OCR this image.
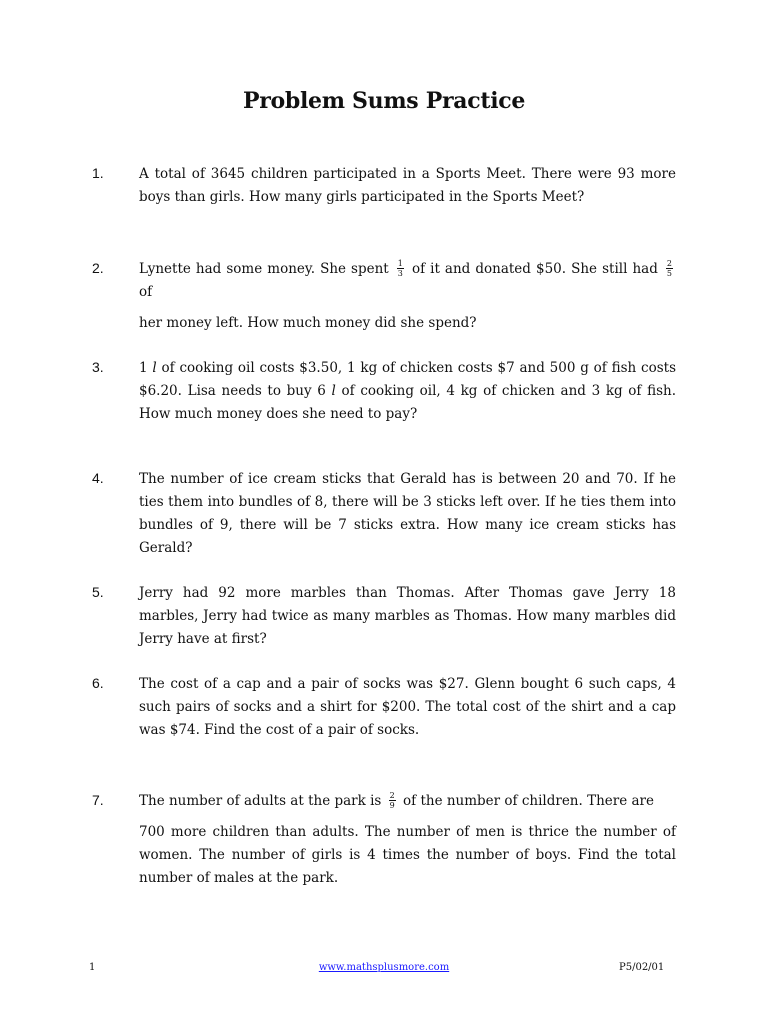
Problem Sums Practice
1.	A total of 3645 children participated in a Sports Meet. There were 93 more boys than girls. How many girls participated in the Sports Meet?
2.	Lynette had some money. She spent $\frac{1}{3}$ of it and donated $50. She still had $\frac{2}{5}$
of
her money left. How much money did she spend?
3.	1 l of cooking oil costs $3.50, 1 kg of chicken costs $7 and 500 g of fish costs $6.20. Lisa needs to buy 6 l of cooking oil, 4 kg of chicken and 3 kg of fish. How much money does she need to pay?
4.	The number of ice cream sticks that Gerald has is between 20 and 70. If he ties them into bundles of 8, there will be 3 sticks left over. If he ties them into bundles of 9, there will be 7 sticks extra. How many ice cream sticks has Gerald?
5.	Jerry had 92 more marbles than Thomas. After Thomas gave Jerry 18 marbles, Jerry had twice as many marbles as Thomas. How many marbles did Jerry have at first?
6.	The cost of a cap and a pair of socks was $27. Glenn bought 6 such caps, 4 such pairs of socks and a shirt for $200. The total cost of the shirt and a cap was $74. Find the cost of a pair of socks.
7.	The number of adults at the park is $\frac{2}{9}$ of the number of children. There are
700 more children than adults. The number of men is thrice the number of women. The number of girls is 4 times the number of boys. Find the total number of males at the park.
1	www.mathsplusmore.com	P5/02/01
